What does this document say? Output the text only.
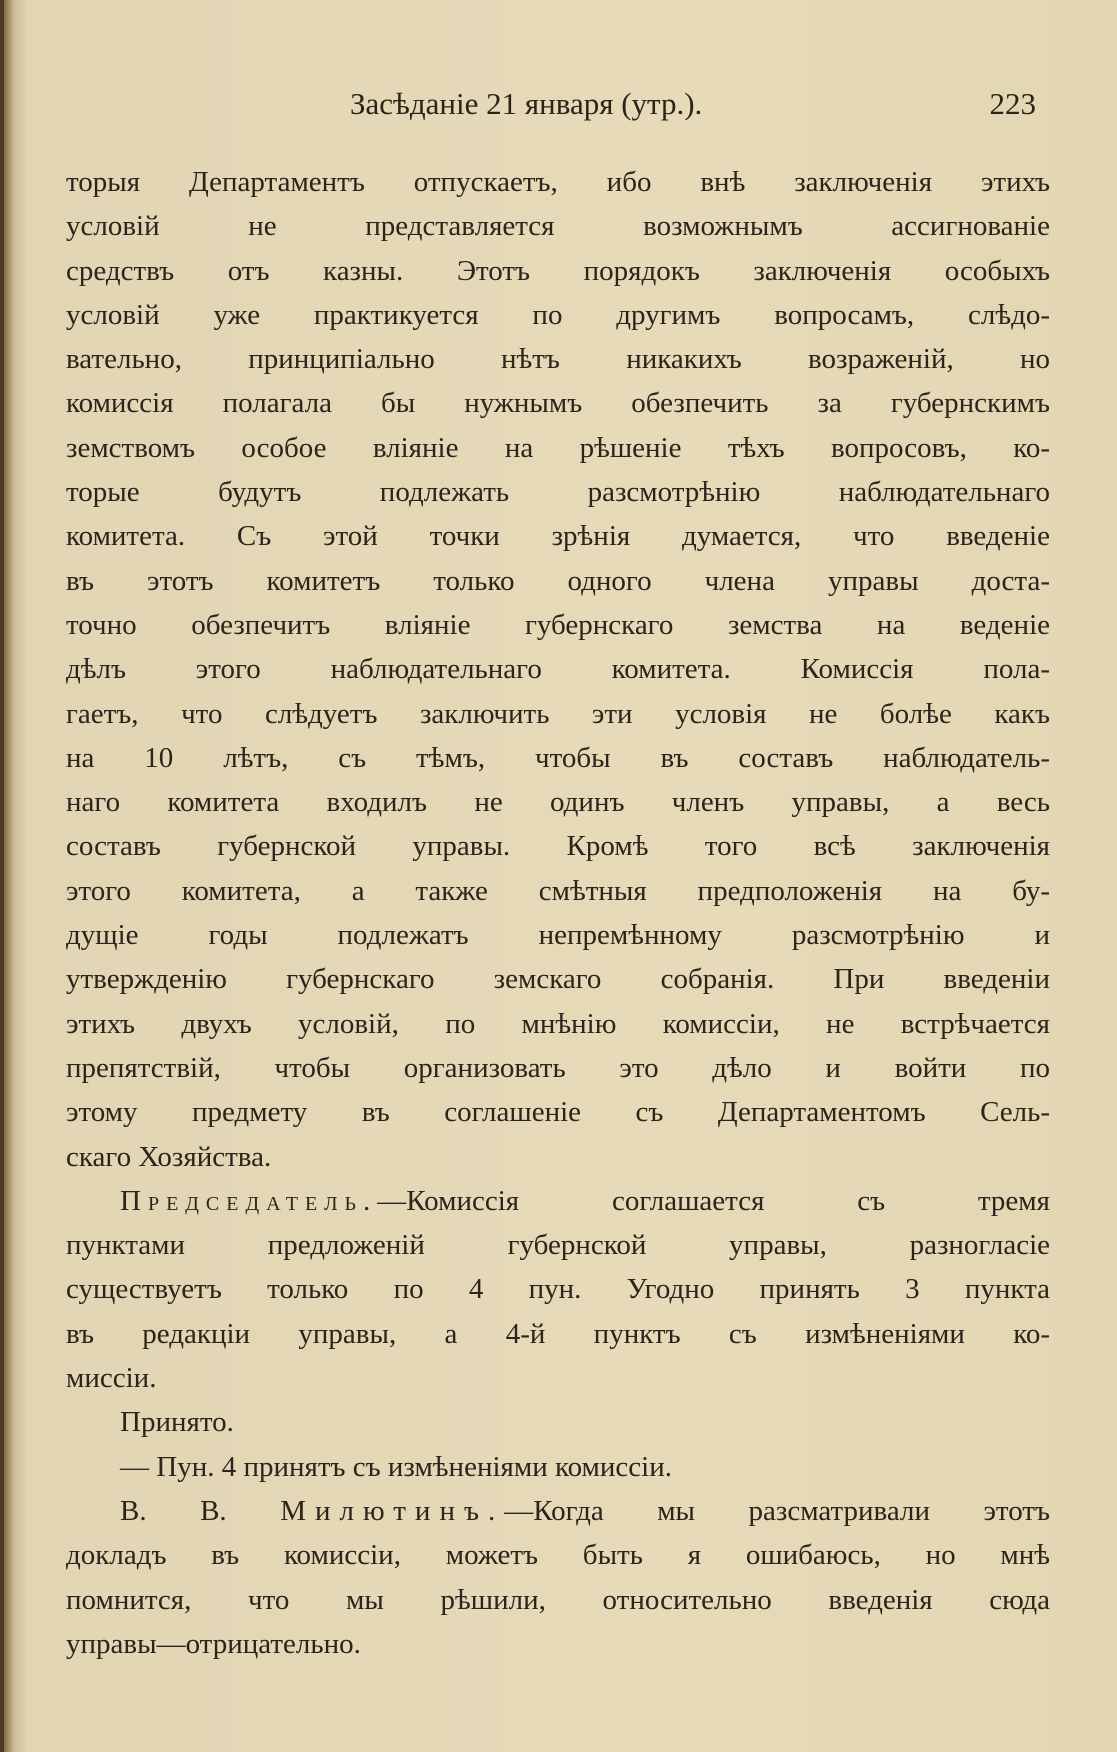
Засѣданіе 21 января (утр.).	223
торыя Департаментъ отпускаетъ, ибо внѣ заключенія этихъ
условій не представляется возможнымъ ассигнованіе
средствъ отъ казны. Этотъ порядокъ заключенія особыхъ
условій уже практикуется по другимъ вопросамъ, слѣдо-
вательно, принципіально нѣтъ никакихъ возраженій, но
комиссія полагала бы нужнымъ обезпечить за губернскимъ
земствомъ особое вліяніе на рѣшеніе тѣхъ вопросовъ, ко-
торые будутъ подлежать разсмотрѣнію наблюдательнаго
комитета. Съ этой точки зрѣнія думается, что введеніе
въ этотъ комитетъ только одного члена управы доста-
точно обезпечитъ вліяніе губернскаго земства на веденіе
дѣлъ этого наблюдательнаго комитета. Комиссія пола-
гаетъ, что слѣдуетъ заключить эти условія не болѣе какъ
на 10 лѣтъ, съ тѣмъ, чтобы въ составъ наблюдатель-
наго комитета входилъ не одинъ членъ управы, а весь
составъ губернской управы. Кромѣ того всѣ заключенія
этого комитета, а также смѣтныя предположенія на бу-
дущіе годы подлежатъ непремѣнному разсмотрѣнію и
утвержденію губернскаго земскаго собранія. При введеніи
этихъ двухъ условій, по мнѣнію комиссіи, не встрѣчается
препятствій, чтобы организовать это дѣло и войти по
этому предмету въ соглашеніе съ Департаментомъ Сель-
скаго Хозяйства.
Председатель.—Комиссія соглашается съ тремя
пунктами предложеній губернской управы, разногласіе
существуетъ только по 4 пун. Угодно принять 3 пункта
въ редакціи управы, а 4-й пунктъ съ измѣненіями ко-
миссіи.
Принято.
— Пун. 4 принятъ съ измѣненіями комиссіи.
В. В. Милютинъ.—Когда мы разсматривали этотъ
докладъ въ комиссіи, можетъ быть я ошибаюсь, но мнѣ
помнится, что мы рѣшили, относительно введенія сюда
управы—отрицательно.
